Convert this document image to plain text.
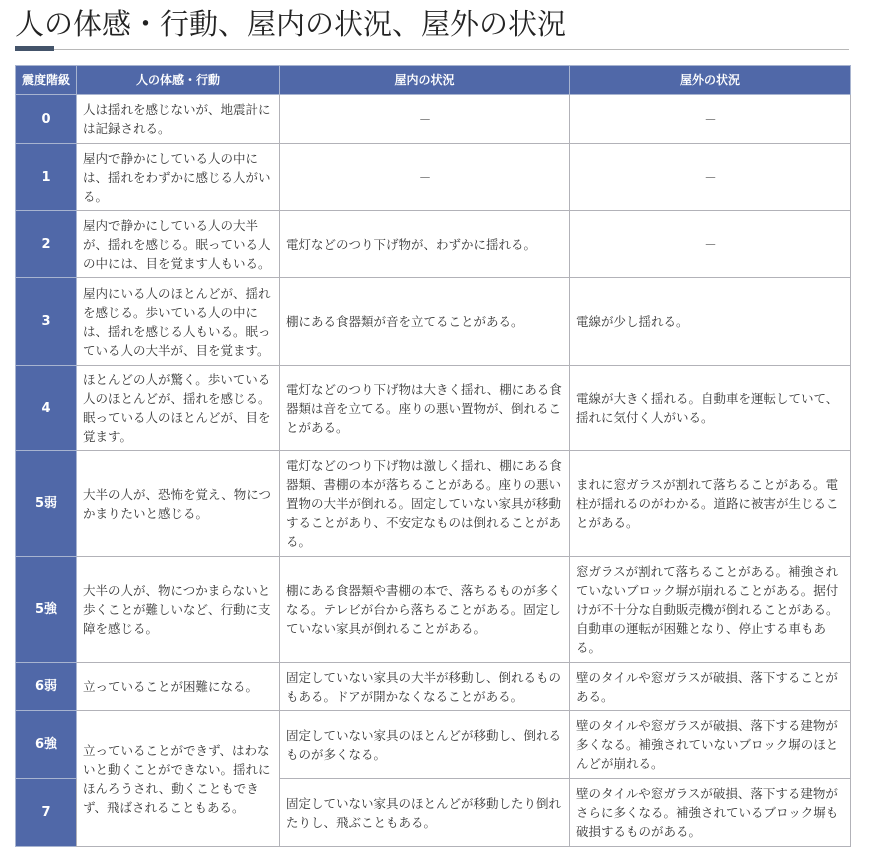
人の体感・行動、屋内の状況、屋外の状況
震度階級	人の体感・行動	屋内の状況	屋外の状況
0	人は揺れを感じないが、地震計には記録される。	－	－
1	屋内で静かにしている人の中には、揺れをわずかに感じる人がいる。	－	－
2	屋内で静かにしている人の大半が、揺れを感じる。眠っている人の中には、目を覚ます人もいる。	電灯などのつり下げ物が、わずかに揺れる。	－
3	屋内にいる人のほとんどが、揺れを感じる。歩いている人の中には、揺れを感じる人もいる。眠っている人の大半が、目を覚ます。	棚にある食器類が音を立てることがある。	電線が少し揺れる。
4	ほとんどの人が驚く。歩いている人のほとんどが、揺れを感じる。眠っている人のほとんどが、目を覚ます。	電灯などのつり下げ物は大きく揺れ、棚にある食器類は音を立てる。座りの悪い置物が、倒れることがある。	電線が大きく揺れる。自動車を運転していて、揺れに気付く人がいる。
5弱	大半の人が、恐怖を覚え、物につかまりたいと感じる。	電灯などのつり下げ物は激しく揺れ、棚にある食器類、書棚の本が落ちることがある。座りの悪い置物の大半が倒れる。固定していない家具が移動することがあり、不安定なものは倒れることがある。	まれに窓ガラスが割れて落ちることがある。電柱が揺れるのがわかる。道路に被害が生じることがある。
5強	大半の人が、物につかまらないと歩くことが難しいなど、行動に支障を感じる。	棚にある食器類や書棚の本で、落ちるものが多くなる。テレビが台から落ちることがある。固定していない家具が倒れることがある。	窓ガラスが割れて落ちることがある。補強されていないブロック塀が崩れることがある。据付けが不十分な自動販売機が倒れることがある。自動車の運転が困難となり、停止する車もある。
6弱	立っていることが困難になる。	固定していない家具の大半が移動し、倒れるものもある。ドアが開かなくなることがある。	壁のタイルや窓ガラスが破損、落下することがある。
6強	立っていることができず、はわないと動くことができない。揺れにほんろうされ、動くこともできず、飛ばされることもある。	固定していない家具のほとんどが移動し、倒れるものが多くなる。	壁のタイルや窓ガラスが破損、落下する建物が多くなる。補強されていないブロック塀のほとんどが崩れる。
7		固定していない家具のほとんどが移動したり倒れたりし、飛ぶこともある。	壁のタイルや窓ガラスが破損、落下する建物がさらに多くなる。補強されているブロック塀も破損するものがある。
